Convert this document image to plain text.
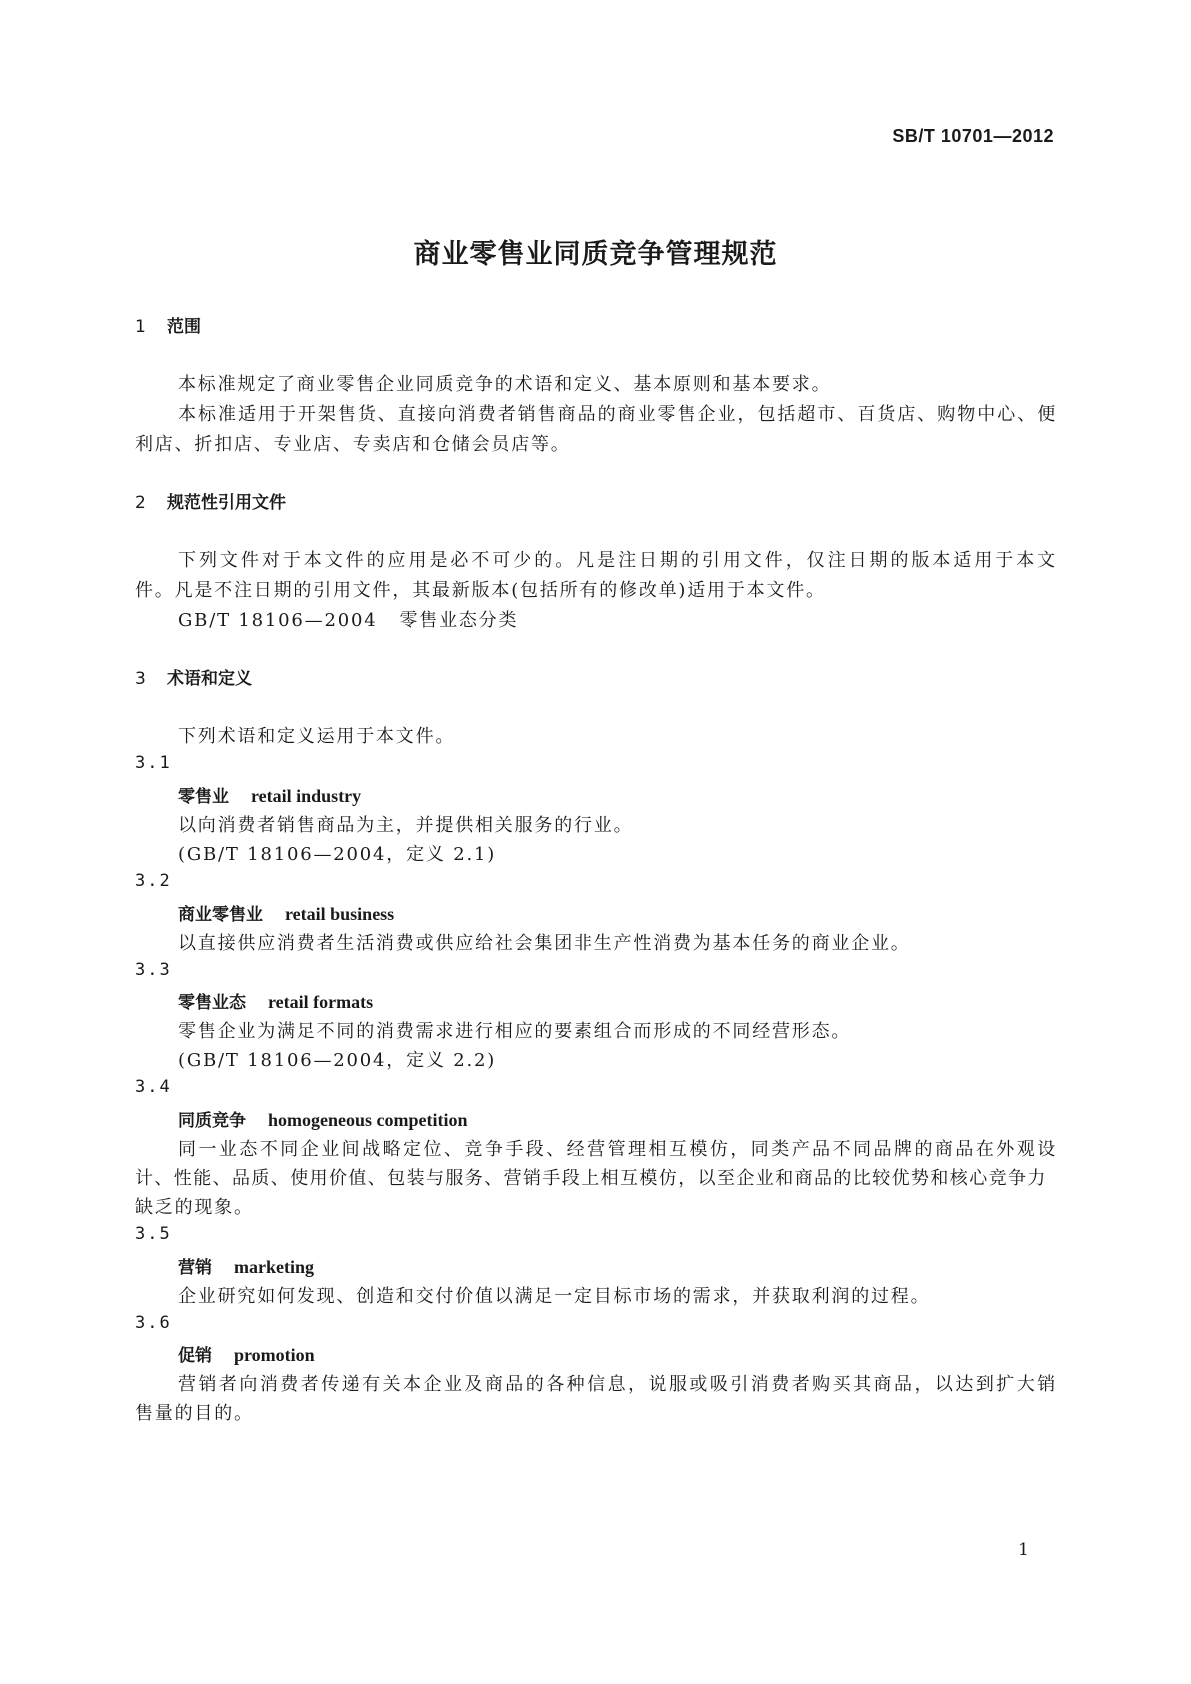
SB/T 10701—2012
商业零售业同质竞争管理规范
1 范围
本标准规定了商业零售企业同质竞争的术语和定义、基本原则和基本要求。
本标准适用于开架售货、直接向消费者销售商品的商业零售企业，包括超市、百货店、购物中心、便
利店、折扣店、专业店、专卖店和仓储会员店等。
2 规范性引用文件
下列文件对于本文件的应用是必不可少的。凡是注日期的引用文件，仅注日期的版本适用于本文
件。凡是不注日期的引用文件，其最新版本(包括所有的修改单)适用于本文件。
GB/T 18106—2004 零售业态分类
3 术语和定义
下列术语和定义运用于本文件。
3.1
零售业 retail industry
以向消费者销售商品为主，并提供相关服务的行业。
(GB/T 18106—2004，定义 2.1)
3.2
商业零售业 retail business
以直接供应消费者生活消费或供应给社会集团非生产性消费为基本任务的商业企业。
3.3
零售业态 retail formats
零售企业为满足不同的消费需求进行相应的要素组合而形成的不同经营形态。
(GB/T 18106—2004，定义 2.2)
3.4
同质竞争 homogeneous competition
同一业态不同企业间战略定位、竞争手段、经营管理相互模仿，同类产品不同品牌的商品在外观设
计、性能、品质、使用价值、包装与服务、营销手段上相互模仿，以至企业和商品的比较优势和核心竞争力
缺乏的现象。
3.5
营销 marketing
企业研究如何发现、创造和交付价值以满足一定目标市场的需求，并获取利润的过程。
3.6
促销 promotion
营销者向消费者传递有关本企业及商品的各种信息，说服或吸引消费者购买其商品，以达到扩大销
售量的目的。
1
